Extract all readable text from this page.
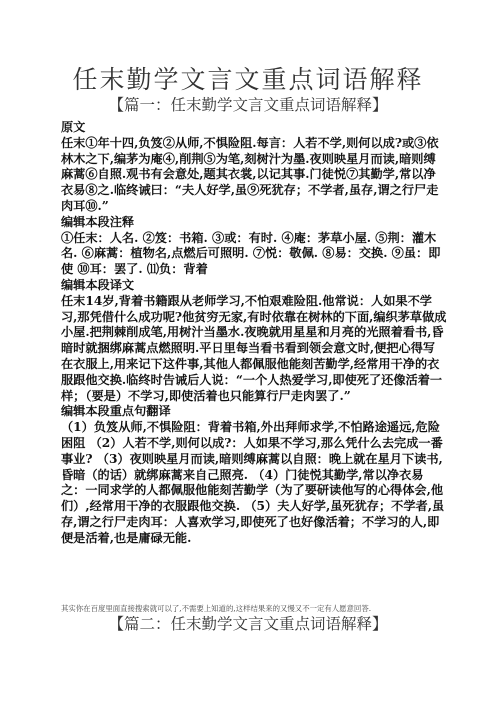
任末勤学文言文重点词语解释
【篇一：任末勤学文言文重点词语解释】
原文

任末①年十四,负笈②从师,不惧险阻.每言：人若不学,则何以成?或③依林木之下,编茅为庵④,削荆⑤为笔,刻树汁为墨.夜则映星月而读,暗则缚麻蒿⑥自照.观书有会意处,题其衣裳,以记其事.门徒悦⑦其勤学,常以净衣易⑧之.临终诫曰：“夫人好学,虽⑨死犹存；不学者,虽存,谓之行尸走肉耳⑩.”

编辑本段注释

①任末：人名. ②笈：书箱. ③或：有时. ④庵：茅草小屋. ⑤荆：灌木名. ⑥麻蒿：植物名,点燃后可照明. ⑦悦：敬佩. ⑧易：交换. ⑨虽：即使 ⑩耳：罢了. ⑾负：背着

编辑本段译文

任末14岁,背着书籍跟从老师学习,不怕艰难险阻.他常说：人如果不学习,那凭借什么成功呢?他贫穷无家,有时依靠在树林的下面,编织茅草做成小屋.把荆棘削成笔,用树汁当墨水.夜晚就用星星和月亮的光照着看书,昏暗时就捆绑麻蒿点燃照明.平日里每当看书看到领会意文时,便把心得写在衣服上,用来记下这件事,其他人都佩服他能刻苦勤学,经常用干净的衣服跟他交换.临终时告诫后人说：“一个人热爱学习,即使死了还像活着一样；（要是）不学习,即使活着也只能算行尸走肉罢了.”

编辑本段重点句翻译

（1）负笈从师,不惧险阻：背着书箱,外出拜师求学,不怕路途遥远,危险困阻 （2）人若不学,则何以成?：人如果不学习,那么凭什么去完成一番事业? （3）夜则映星月而读,暗则缚麻蒿以自照：晚上就在星月下读书,昏暗（的话）就绑麻蒿来自己照亮. （4）门徒悦其勤学,常以净衣易之：一同求学的人都佩服他能刻苦勤学（为了要研读他写的心得体会,他们）,经常用干净的衣服跟他交换. （5）夫人好学,虽死犹存；不学者,虽存,谓之行尸走肉耳：人喜欢学习,即使死了也好像活着；不学习的人,即便是活着,也是庸碌无能.

其实你在百度里面直接搜索就可以了,不需要上知道的,这样结果来的又慢又不一定有人愿意回答.
【篇二：任末勤学文言文重点词语解释】
